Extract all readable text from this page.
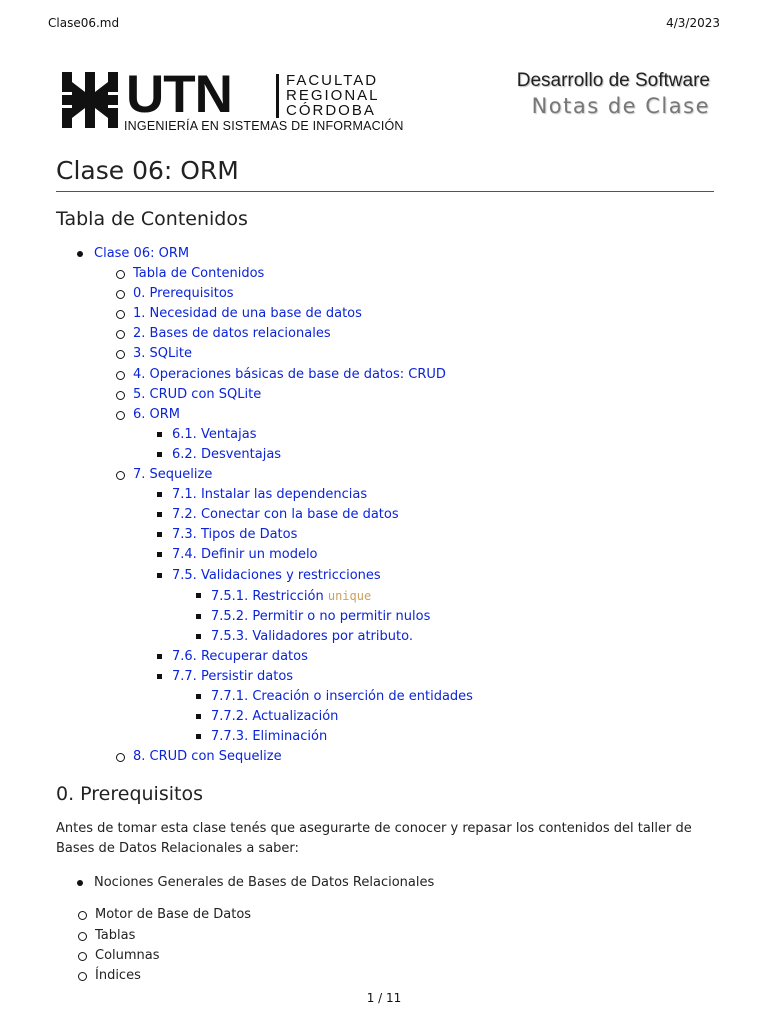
Clase06.md	4/3/2023
UTN	FACULTAD
REGIONAL
CÓRDOBA
INGENIERÍA EN SISTEMAS DE INFORMACIÓN
Desarrollo de Software
Notas de Clase
Clase 06: ORM
Tabla de Contenidos
Clase 06: ORM
Tabla de Contenidos
0. Prerequisitos
1. Necesidad de una base de datos
2. Bases de datos relacionales
3. SQLite
4. Operaciones básicas de base de datos: CRUD
5. CRUD con SQLite
6. ORM
6.1. Ventajas
6.2. Desventajas
7. Sequelize
7.1. Instalar las dependencias
7.2. Conectar con la base de datos
7.3. Tipos de Datos
7.4. Definir un modelo
7.5. Validaciones y restricciones
7.5.1. Restricción unique
7.5.2. Permitir o no permitir nulos
7.5.3. Validadores por atributo.
7.6. Recuperar datos
7.7. Persistir datos
7.7.1. Creación o inserción de entidades
7.7.2. Actualización
7.7.3. Eliminación
8. CRUD con Sequelize
0. Prerequisitos

Antes de tomar esta clase tenés que asegurarte de conocer y repasar los contenidos del taller de Bases de Datos Relacionales a saber:

Nociones Generales de Bases de Datos Relacionales
Motor de Base de Datos
Tablas
Columnas
Índices
1 / 11
